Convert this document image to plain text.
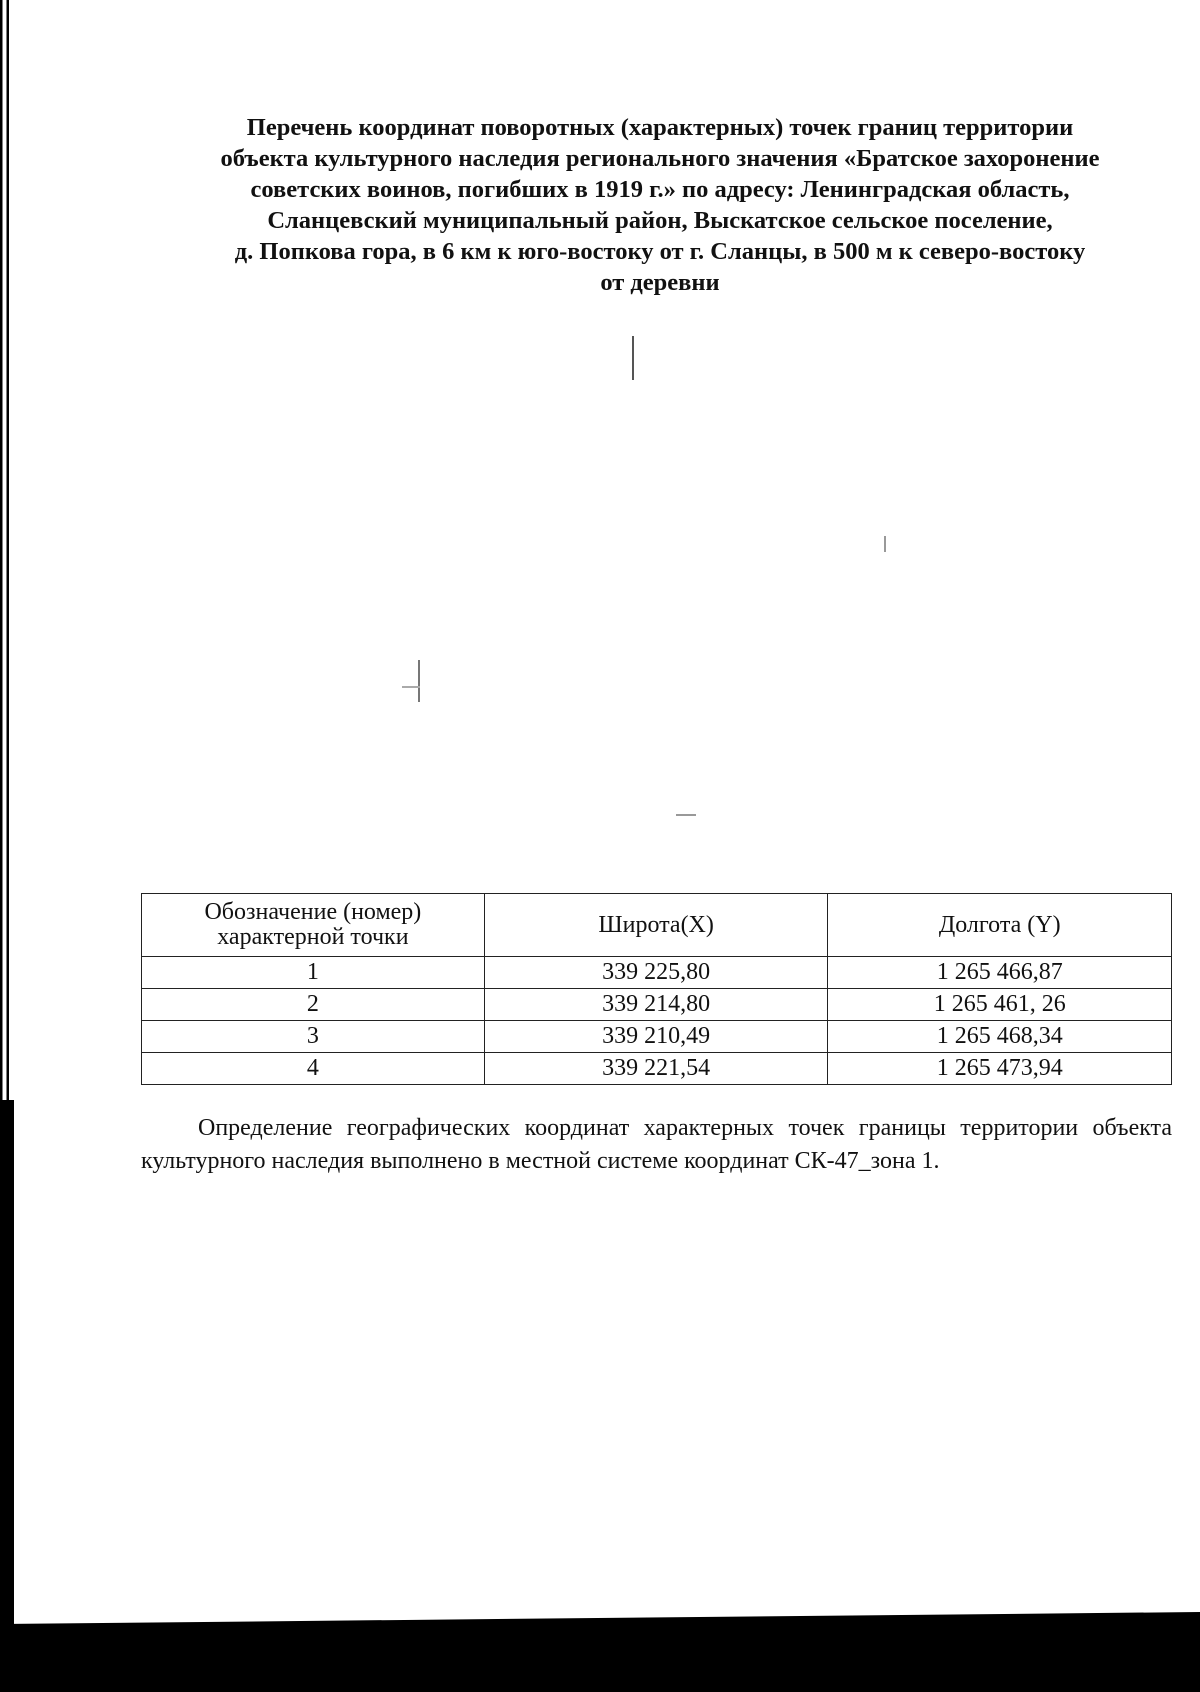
Перечень координат поворотных (характерных) точек границ территории
объекта культурного наследия регионального значения «Братское захоронение
советских воинов, погибших в 1919 г.» по адресу: Ленинградская область,
Сланцевский муниципальный район, Выскатское сельское поселение,
д. Попкова гора, в 6 км к юго-востоку от г. Сланцы, в 500 м к северо-востоку
от деревни
Обозначение (номер)
характерной точки	Широта(X)	Долгота (Y)
1	339 225,80	1 265 466,87
2	339 214,80	1 265 461, 26
3	339 210,49	1 265 468,34
4	339 221,54	1 265 473,94

Определение географических координат характерных точек границы территории объекта культурного наследия выполнено в местной системе координат СК-47_зона 1.
